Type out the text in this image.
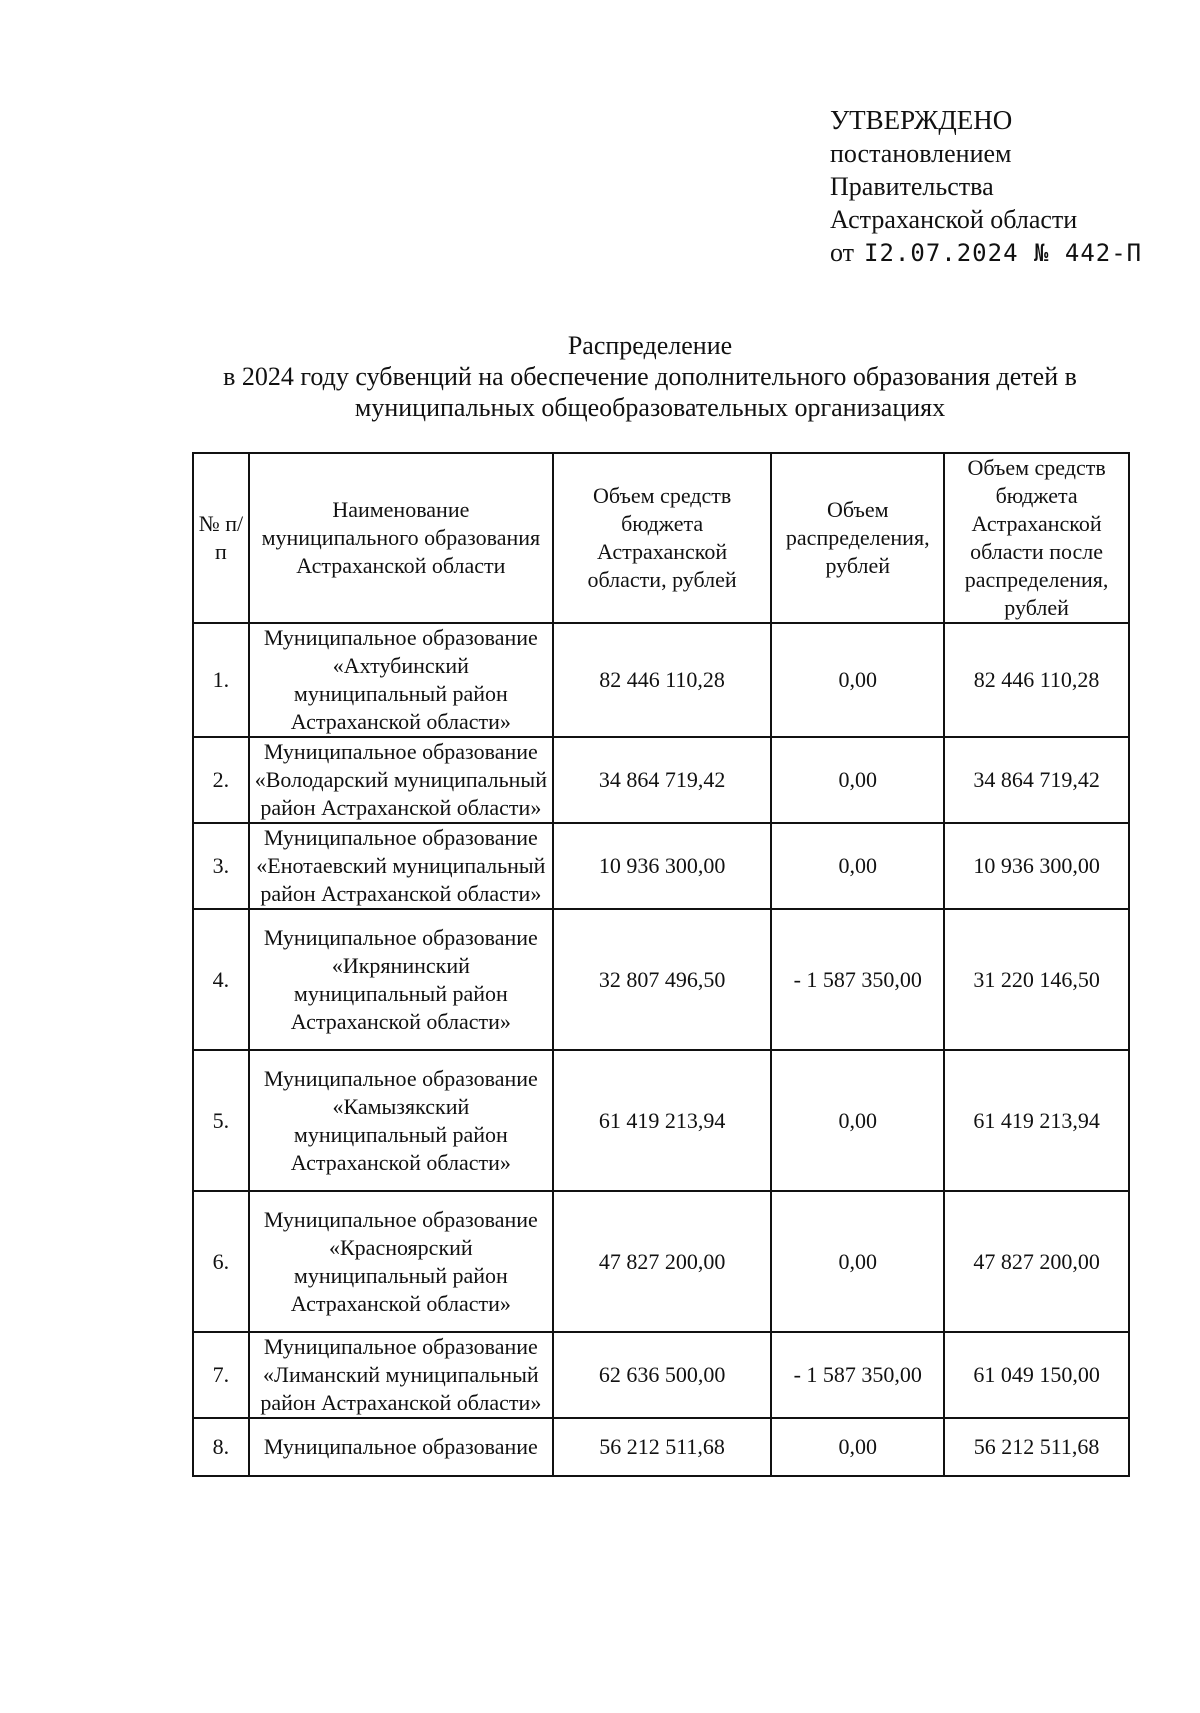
УТВЕРЖДЕНО
постановлением
Правительства
Астраханской области
от I2.07.2024 № 442-П
Распределение
в 2024 году субвенций на обеспечение дополнительного образования детей в
муниципальных общеобразовательных организациях
№ п/п	Наименование муниципального образования Астраханской области	Объем средств бюджета Астраханской области, рублей	Объем распределения, рублей	Объем средств бюджета Астраханской области после распределения, рублей
1.	Муниципальное образование «Ахтубинский муниципальный район Астраханской области»	82 446 110,28	0,00	82 446 110,28
2.	Муниципальное образование «Володарский муниципальный район Астраханской области»	34 864 719,42	0,00	34 864 719,42
3.	Муниципальное образование «Енотаевский муниципальный район Астраханской области»	10 936 300,00	0,00	10 936 300,00
4.	Муниципальное образование «Икрянинский муниципальный район Астраханской области»	32 807 496,50	- 1 587 350,00	31 220 146,50
5.	Муниципальное образование «Камызякский муниципальный район Астраханской области»	61 419 213,94	0,00	61 419 213,94
6.	Муниципальное образование «Красноярский муниципальный район Астраханской области»	47 827 200,00	0,00	47 827 200,00
7.	Муниципальное образование «Лиманский муниципальный район Астраханской области»	62 636 500,00	- 1 587 350,00	61 049 150,00
8.	Муниципальное образование	56 212 511,68	0,00	56 212 511,68
